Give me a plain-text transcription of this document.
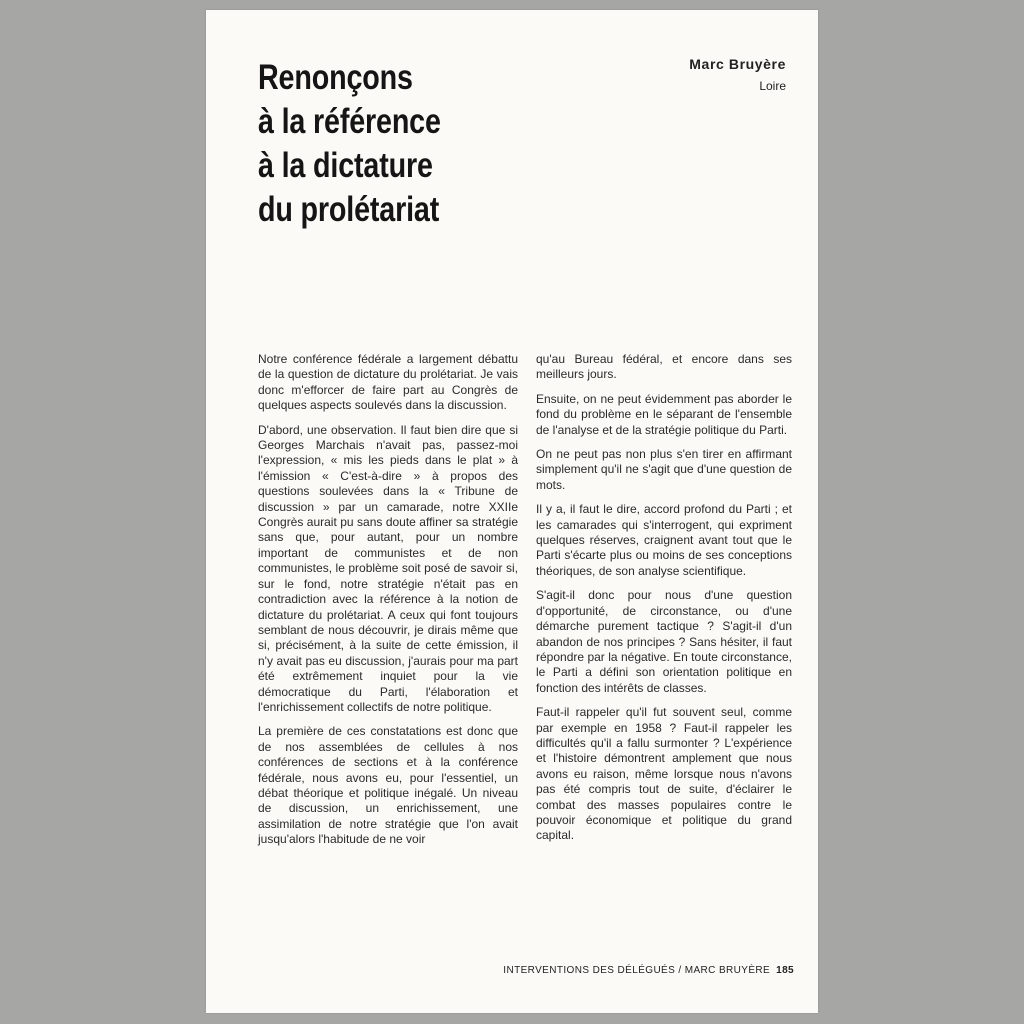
Renonçons
à la référence
à la dictature
du prolétariat
Marc Bruyère
Loire

Notre conférence fédérale a largement débattu de la question de dictature du prolétariat. Je vais donc m'efforcer de faire part au Congrès de quelques aspects soulevés dans la discussion.

D'abord, une observation. Il faut bien dire que si Georges Marchais n'avait pas, passez-moi l'expression, « mis les pieds dans le plat » à l'émission « C'est-à-dire » à propos des questions soulevées dans la « Tribune de discussion » par un camarade, notre XXIIe Congrès aurait pu sans doute affiner sa stratégie sans que, pour autant, pour un nombre important de communistes et de non communistes, le problème soit posé de savoir si, sur le fond, notre stratégie n'était pas en contradiction avec la référence à la notion de dictature du prolétariat. A ceux qui font toujours semblant de nous découvrir, je dirais même que si, précisément, à la suite de cette émission, il n'y avait pas eu discussion, j'aurais pour ma part été extrêmement inquiet pour la vie démocratique du Parti, l'élaboration et l'enrichissement collectifs de notre politique.

La première de ces constatations est donc que de nos assemblées de cellules à nos conférences de sections et à la conférence fédérale, nous avons eu, pour l'essentiel, un débat théorique et politique inégalé. Un niveau de discussion, un enrichissement, une assimilation de notre stratégie que l'on avait jusqu'alors l'habitude de ne voir

qu'au Bureau fédéral, et encore dans ses meilleurs jours.

Ensuite, on ne peut évidemment pas aborder le fond du problème en le séparant de l'ensemble de l'analyse et de la stratégie politique du Parti.

On ne peut pas non plus s'en tirer en affirmant simplement qu'il ne s'agit que d'une question de mots.

Il y a, il faut le dire, accord profond du Parti ; et les camarades qui s'interrogent, qui expriment quelques réserves, craignent avant tout que le Parti s'écarte plus ou moins de ses conceptions théoriques, de son analyse scientifique.

S'agit-il donc pour nous d'une question d'opportunité, de circonstance, ou d'une démarche purement tactique ? S'agit-il d'un abandon de nos principes ? Sans hésiter, il faut répondre par la négative. En toute circonstance, le Parti a défini son orientation politique en fonction des intérêts de classes.

Faut-il rappeler qu'il fut souvent seul, comme par exemple en 1958 ? Faut-il rappeler les difficultés qu'il a fallu surmonter ? L'expérience et l'histoire démontrent amplement que nous avons eu raison, même lorsque nous n'avons pas été compris tout de suite, d'éclairer le combat des masses populaires contre le pouvoir économique et politique du grand capital.

INTERVENTIONS DES DÉLÉGUÉS / MARC BRUYÈRE 185
